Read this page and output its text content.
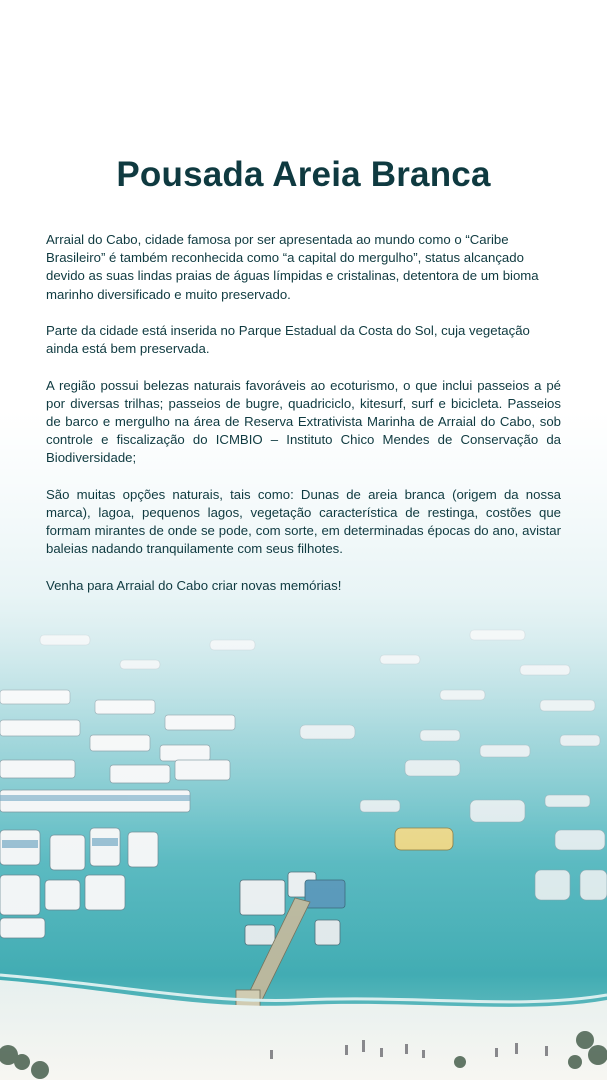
Pousada Areia Branca

Arraial do Cabo, cidade famosa por ser apresentada ao mundo como o “Caribe
Brasileiro” é também reconhecida como “a capital do mergulho”, status alcançado
devido as suas lindas praias de águas límpidas e cristalinas, detentora de um bioma
marinho diversificado e muito preservado.

Parte da cidade está inserida no Parque Estadual da Costa do Sol, cuja vegetação ainda está bem preservada.

A região possui belezas naturais favoráveis ao ecoturismo, o que inclui passeios a pé por diversas trilhas; passeios de bugre, quadriciclo, kitesurf, surf e bicicleta. Passeios de barco e mergulho na área de Reserva Extrativista Marinha de Arraial do Cabo, sob controle e fiscalização do ICMBIO – Instituto Chico Mendes de Conservação da Biodiversidade;

São muitas opções naturais, tais como: Dunas de areia branca (origem da nossa marca), lagoa, pequenos lagos, vegetação característica de restinga, costões que formam mirantes de onde se pode, com sorte, em determinadas épocas do ano, avistar baleias nadando tranquilamente com seus filhotes.

Venha para Arraial do Cabo criar novas memórias!
